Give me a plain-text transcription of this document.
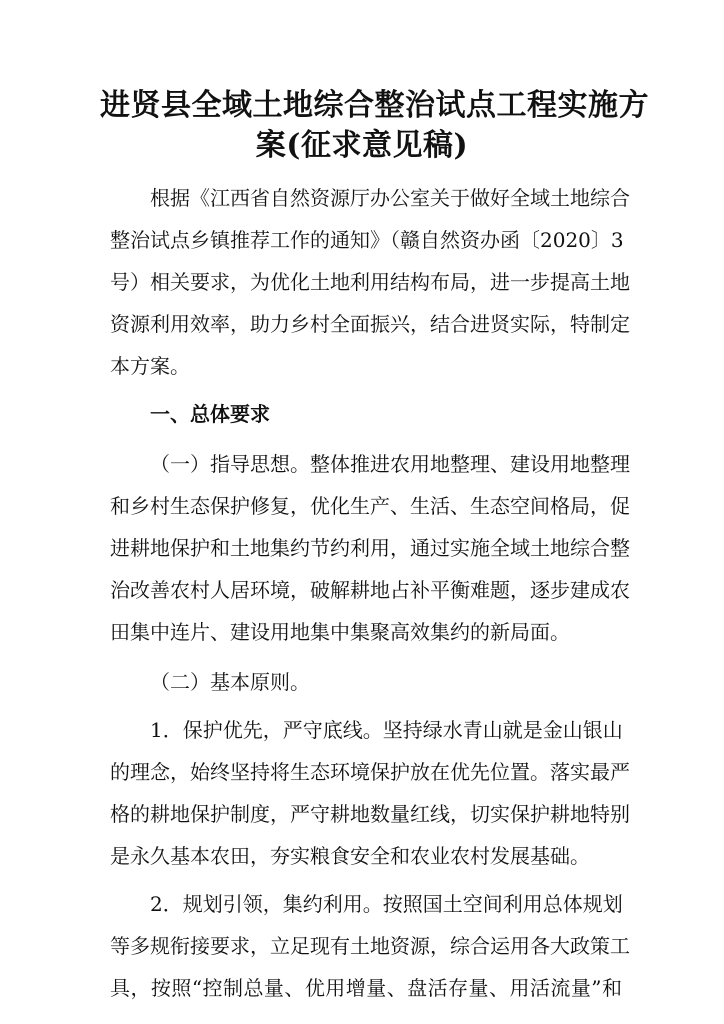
进贤县全域土地综合整治试点工程实施方
案(征求意见稿)
根据《江西省自然资源厅办公室关于做好全域土地综合
整治试点乡镇推荐工作的通知》（赣自然资办函〔2020〕3
号）相关要求，为优化土地利用结构布局，进一步提高土地
资源利用效率，助力乡村全面振兴，结合进贤实际，特制定
本方案。
一、总体要求
（一）指导思想。整体推进农用地整理、建设用地整理
和乡村生态保护修复，优化生产、生活、生态空间格局，促
进耕地保护和土地集约节约利用，通过实施全域土地综合整
治改善农村人居环境，破解耕地占补平衡难题，逐步建成农
田集中连片、建设用地集中集聚高效集约的新局面。
（二）基本原则。
1．保护优先，严守底线。坚持绿水青山就是金山银山
的理念，始终坚持将生态环境保护放在优先位置。落实最严
格的耕地保护制度，严守耕地数量红线，切实保护耕地特别
是永久基本农田，夯实粮食安全和农业农村发展基础。
2．规划引领，集约利用。按照国土空间利用总体规划
等多规衔接要求，立足现有土地资源，综合运用各大政策工
具，按照“控制总量、优用增量、盘活存量、用活流量”和
